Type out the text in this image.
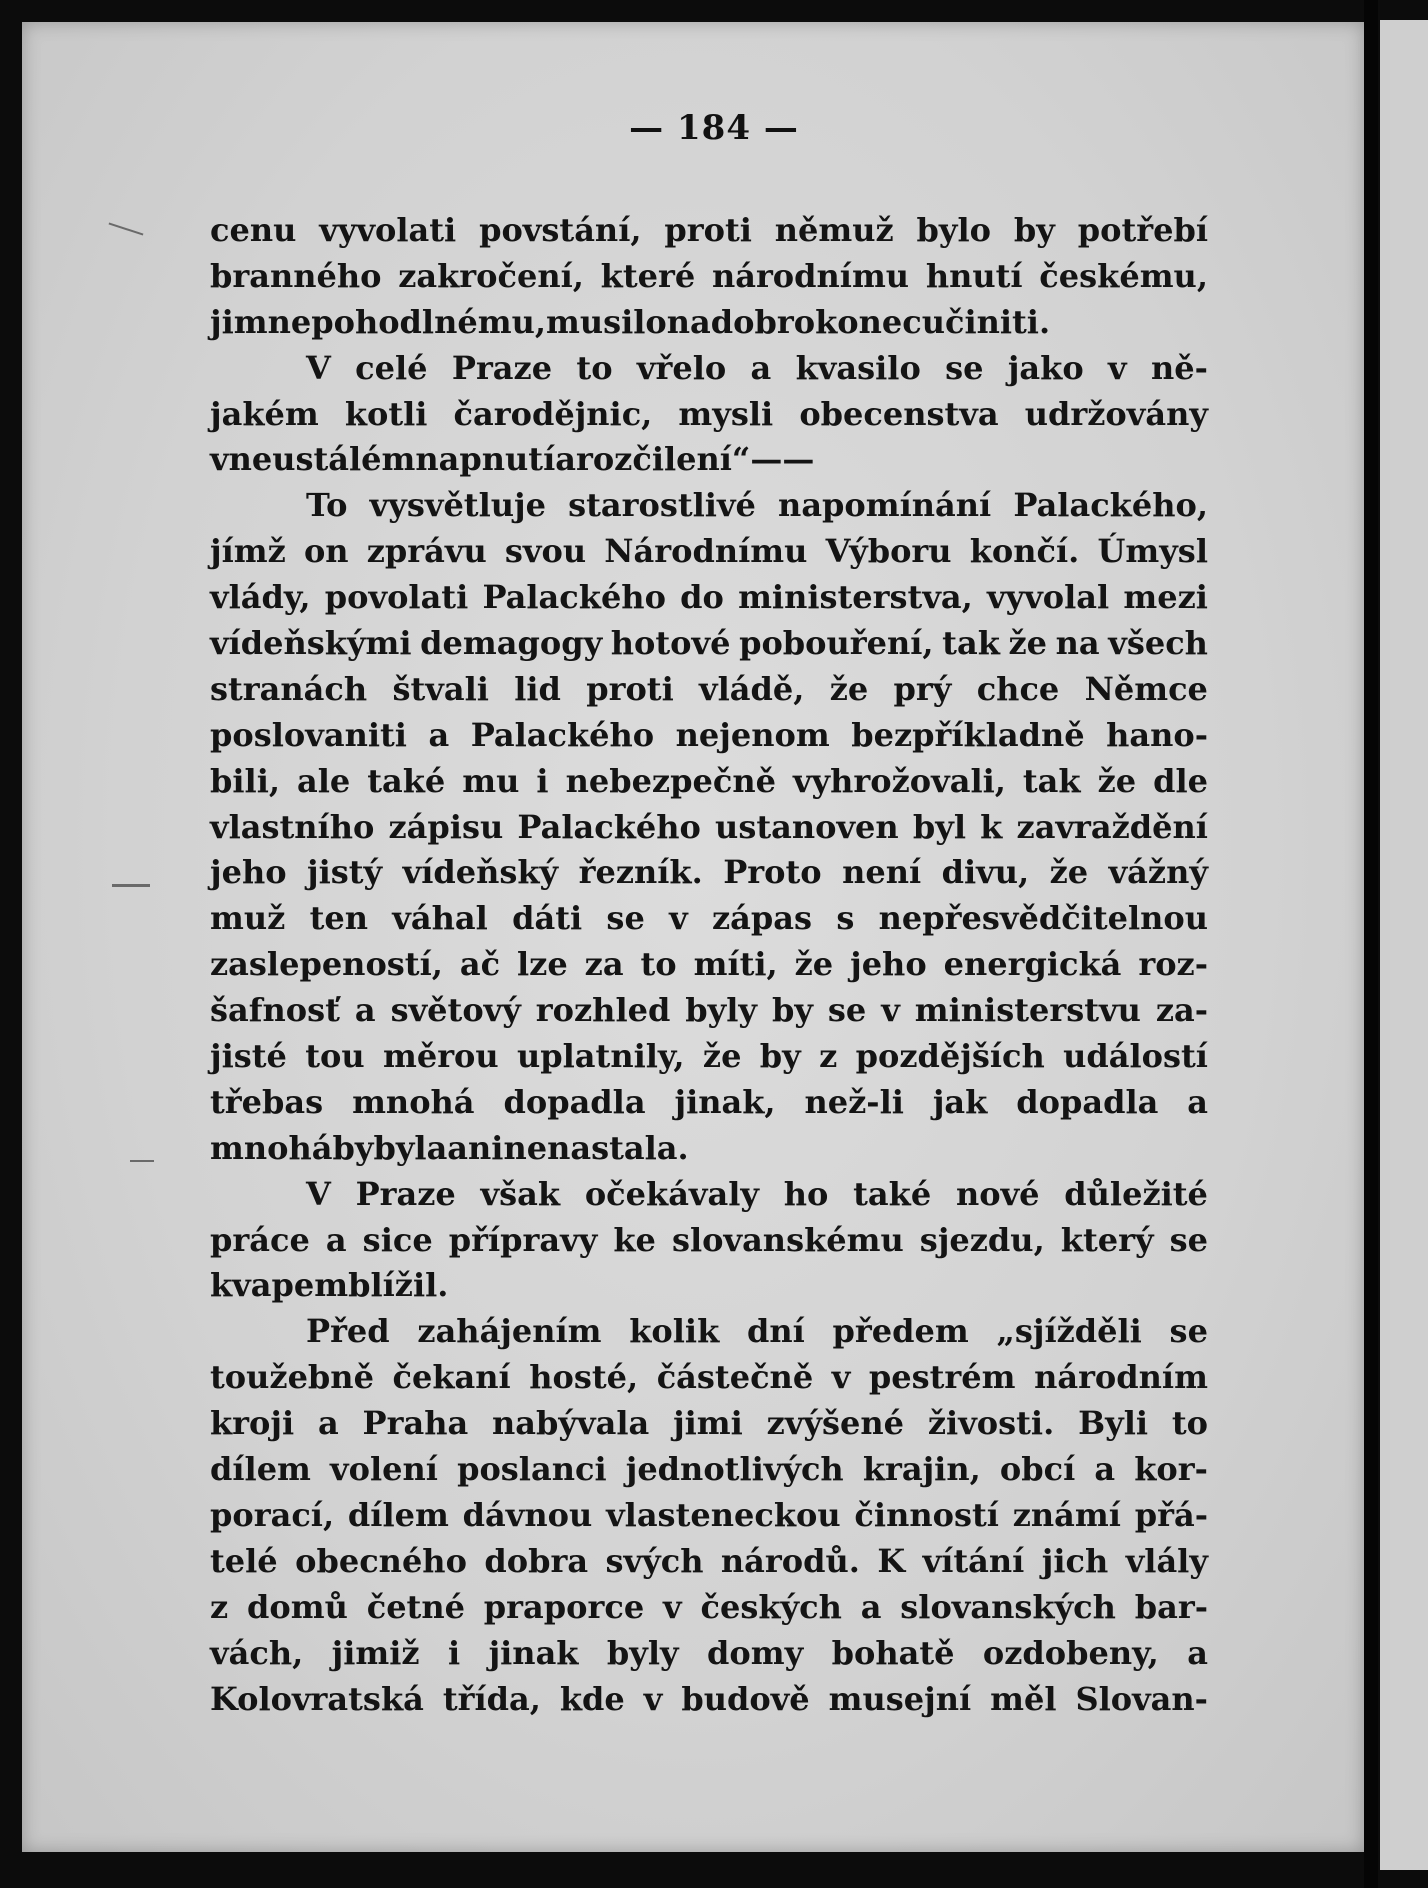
— 184 —
cenu vyvolati povstání, proti němuž bylo by potřebí
branného zakročení, které národnímu hnutí českému,
jim nepohodlnému, musilo na dobro konec učiniti.
V celé Praze to vřelo a kvasilo se jako v ně-
jakém kotli čarodějnic, mysli obecenstva udržovány
v neustálém napnutí a rozčilení“ — —
To vysvětluje starostlivé napomínání Palackého,
jímž on zprávu svou Národnímu Výboru končí. Úmysl
vlády, povolati Palackého do ministerstva, vyvolal mezi
vídeňskými demagogy hotové pobouření, tak že na všech
stranách štvali lid proti vládě, že prý chce Němce
poslovaniti a Palackého nejenom bezpříkladně hano-
bili, ale také mu i nebezpečně vyhrožovali, tak že dle
vlastního zápisu Palackého ustanoven byl k zavraždění
jeho jistý vídeňský řezník. Proto není divu, že vážný
muž ten váhal dáti se v zápas s nepřesvědčitelnou
zaslepeností, ač lze za to míti, že jeho energická roz-
šafnosť a světový rozhled byly by se v ministerstvu za-
jisté tou měrou uplatnily, že by z pozdějších událostí
třebas mnohá dopadla jinak, než-li jak dopadla a
mnohá by byla ani nenastala.
V Praze však očekávaly ho také nové důležité
práce a sice přípravy ke slovanskému sjezdu, který se
kvapem blížil.
Před zahájením kolik dní předem „sjížděli se
toužebně čekaní hosté, částečně v pestrém národním
kroji a Praha nabývala jimi zvýšené živosti. Byli to
dílem volení poslanci jednotlivých krajin, obcí a kor-
porací, dílem dávnou vlasteneckou činností známí přá-
telé obecného dobra svých národů. K vítání jich vlály
z domů četné praporce v českých a slovanských bar-
vách, jimiž i jinak byly domy bohatě ozdobeny, a
Kolovratská třída, kde v budově musejní měl Slovan-
